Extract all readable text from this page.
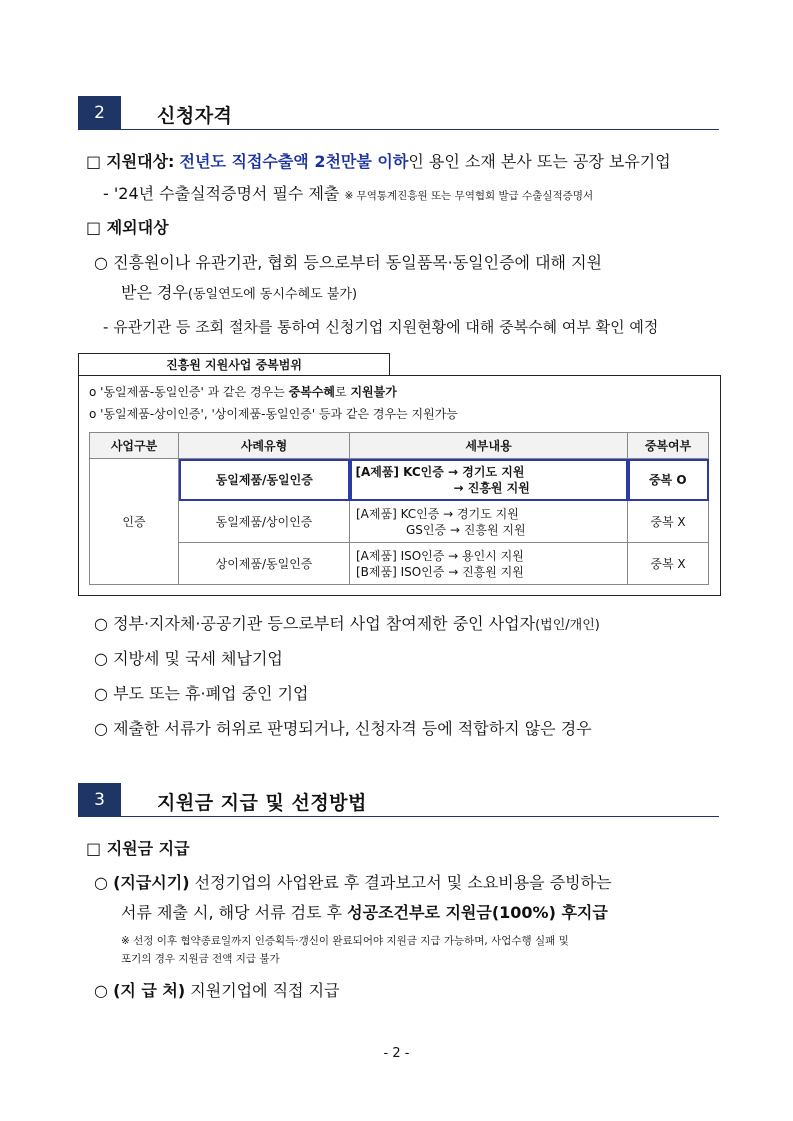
2	신청자격
□ 지원대상: 전년도 직접수출액 2천만불 이하인 용인 소재 본사 또는 공장 보유기업
- '24년 수출실적증명서 필수 제출 ※ 무역통계진흥원 또는 무역협회 발급 수출실적증명서
□ 제외대상
○ 진흥원이나 유관기관, 협회 등으로부터 동일품목·동일인증에 대해 지원
받은 경우(동일연도에 동시수혜도 불가)
- 유관기관 등 조회 절차를 통하여 신청기업 지원현황에 대해 중복수혜 여부 확인 예정
진흥원 지원사업 중복범위
o '동일제품-동일인증' 과 같은 경우는 중복수혜로 지원불가
o '동일제품-상이인증', '상이제품-동일인증' 등과 같은 경우는 지원가능
사업구분	사례유형	세부내용	중복여부
인증	동일제품/동일인증	[A제품] KC인증 → 경기도 지원
→ 진흥원 지원	중복 O
	동일제품/상이인증	[A제품] KC인증 → 경기도 지원
GS인증 → 진흥원 지원	중복 X
	상이제품/동일인증	[A제품] ISO인증 → 용인시 지원
[B제품] ISO인증 → 진흥원 지원	중복 X
○ 정부·지자체·공공기관 등으로부터 사업 참여제한 중인 사업자(법인/개인)
○ 지방세 및 국세 체납기업
○ 부도 또는 휴·폐업 중인 기업
○ 제출한 서류가 허위로 판명되거나, 신청자격 등에 적합하지 않은 경우
3	지원금 지급 및 선정방법
□ 지원금 지급
○ (지급시기) 선정기업의 사업완료 후 결과보고서 및 소요비용을 증빙하는
서류 제출 시, 해당 서류 검토 후 성공조건부로 지원금(100%) 후지급
※ 선정 이후 협약종료일까지 인증획득·갱신이 완료되어야 지원금 지급 가능하며, 사업수행 실패 및
포기의 경우 지원금 전액 지급 불가
○ (지 급 처) 지원기업에 직접 지급
- 2 -
